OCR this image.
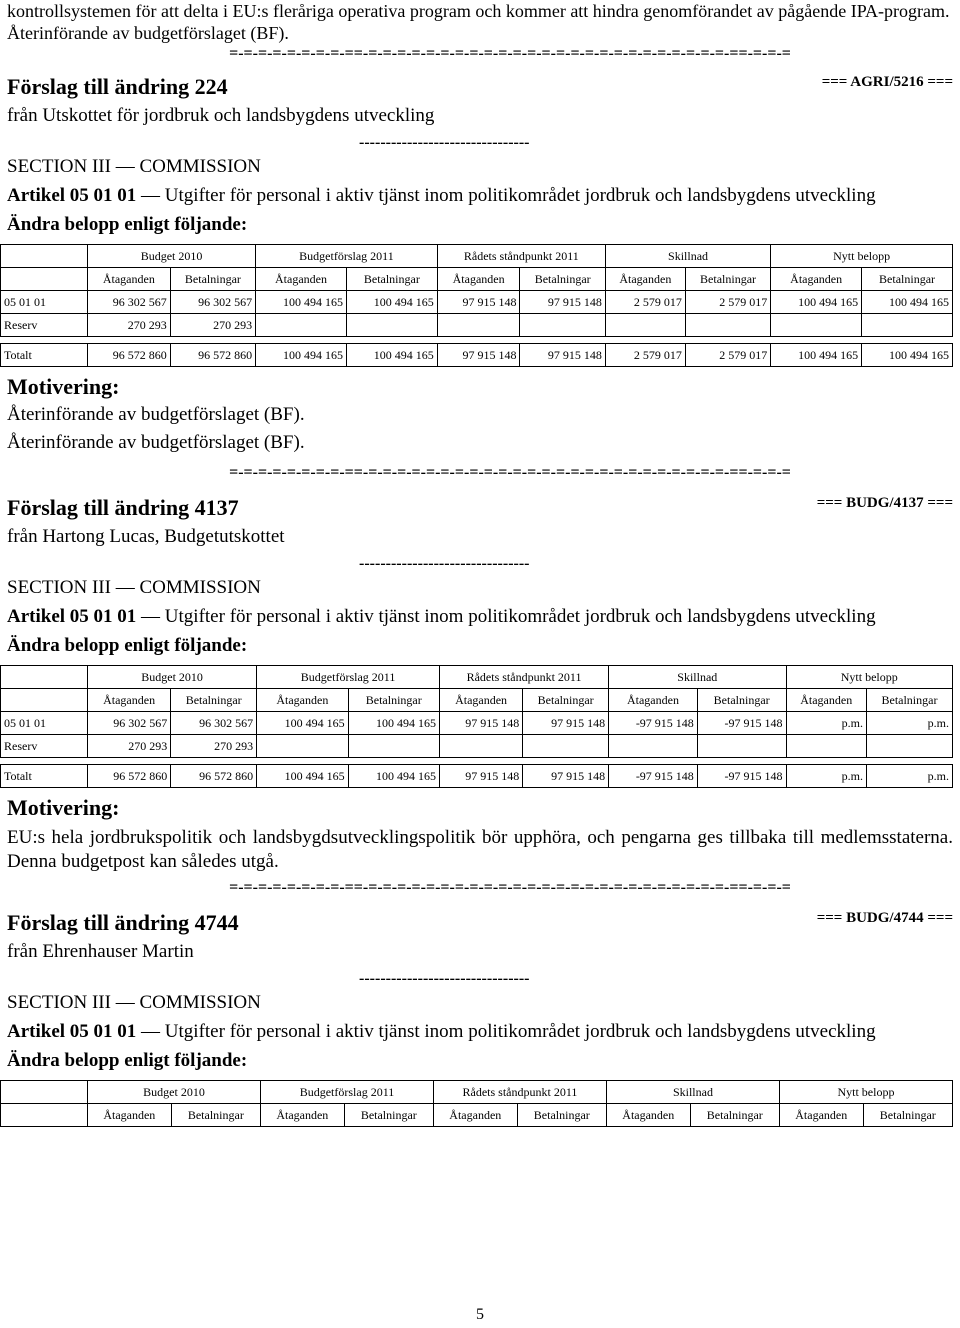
kontrollsystemen för att delta i EU:s fleråriga operativa program och kommer att hindra genomförandet av pågående IPA-program.
Återinförande av budgetförslaget (BF).
=-=-=-=-=-=-=-=-==-=-=-=-=-=-=-=-=-=-=-=-=-=-=-=-=-=-=-=-=-=-=-=-=-=-==-=-=-=
Förslag till ändring 224	=== AGRI/5216 ===
från Utskottet för jordbruk och landsbygdens utveckling
--------------------------------
SECTION III — COMMISSION
Artikel 05 01 01 — Utgifter för personal i aktiv tjänst inom politikområdet jordbruk och landsbygdens utveckling
Ändra belopp enligt följande:
	Budget 2010		Budgetförslag 2011		Rådets ståndpunkt 2011		Skillnad		Nytt belopp	
	Åtaganden	Betalningar	Åtaganden	Betalningar	Åtaganden	Betalningar	Åtaganden	Betalningar	Åtaganden	Betalningar
05 01 01	96 302 567	96 302 567	100 494 165	100 494 165	97 915 148	97 915 148	2 579 017	2 579 017	100 494 165	100 494 165
Reserv	270 293	270 293								

Totalt	96 572 860	96 572 860	100 494 165	100 494 165	97 915 148	97 915 148	2 579 017	2 579 017	100 494 165	100 494 165
Motivering:
Återinförande av budgetförslaget (BF).
Återinförande av budgetförslaget (BF).
=-=-=-=-=-=-=-=-==-=-=-=-=-=-=-=-=-=-=-=-=-=-=-=-=-=-=-=-=-=-=-=-=-=-==-=-=-=
Förslag till ändring 4137	=== BUDG/4137 ===
från Hartong Lucas, Budgetutskottet
--------------------------------
SECTION III — COMMISSION
Artikel 05 01 01 — Utgifter för personal i aktiv tjänst inom politikområdet jordbruk och landsbygdens utveckling
Ändra belopp enligt följande:
	Budget 2010		Budgetförslag 2011		Rådets ståndpunkt 2011		Skillnad		Nytt belopp	
	Åtaganden	Betalningar	Åtaganden	Betalningar	Åtaganden	Betalningar	Åtaganden	Betalningar	Åtaganden	Betalningar
05 01 01	96 302 567	96 302 567	100 494 165	100 494 165	97 915 148	97 915 148	-97 915 148	-97 915 148	p.m.	p.m.
Reserv	270 293	270 293								

Totalt	96 572 860	96 572 860	100 494 165	100 494 165	97 915 148	97 915 148	-97 915 148	-97 915 148	p.m.	p.m.
Motivering:
EU:s hela jordbrukspolitik och landsbygdsutvecklingspolitik bör upphöra, och pengarna ges tillbaka till medlemsstaterna. Denna budgetpost kan således utgå.
=-=-=-=-=-=-=-=-==-=-=-=-=-=-=-=-=-=-=-=-=-=-=-=-=-=-=-=-=-=-=-=-=-=-==-=-=-=
Förslag till ändring 4744	=== BUDG/4744 ===
från Ehrenhauser Martin
--------------------------------
SECTION III — COMMISSION
Artikel 05 01 01 — Utgifter för personal i aktiv tjänst inom politikområdet jordbruk och landsbygdens utveckling
Ändra belopp enligt följande:
	Budget 2010		Budgetförslag 2011		Rådets ståndpunkt 2011		Skillnad		Nytt belopp	
	Åtaganden	Betalningar	Åtaganden	Betalningar	Åtaganden	Betalningar	Åtaganden	Betalningar	Åtaganden	Betalningar
5
